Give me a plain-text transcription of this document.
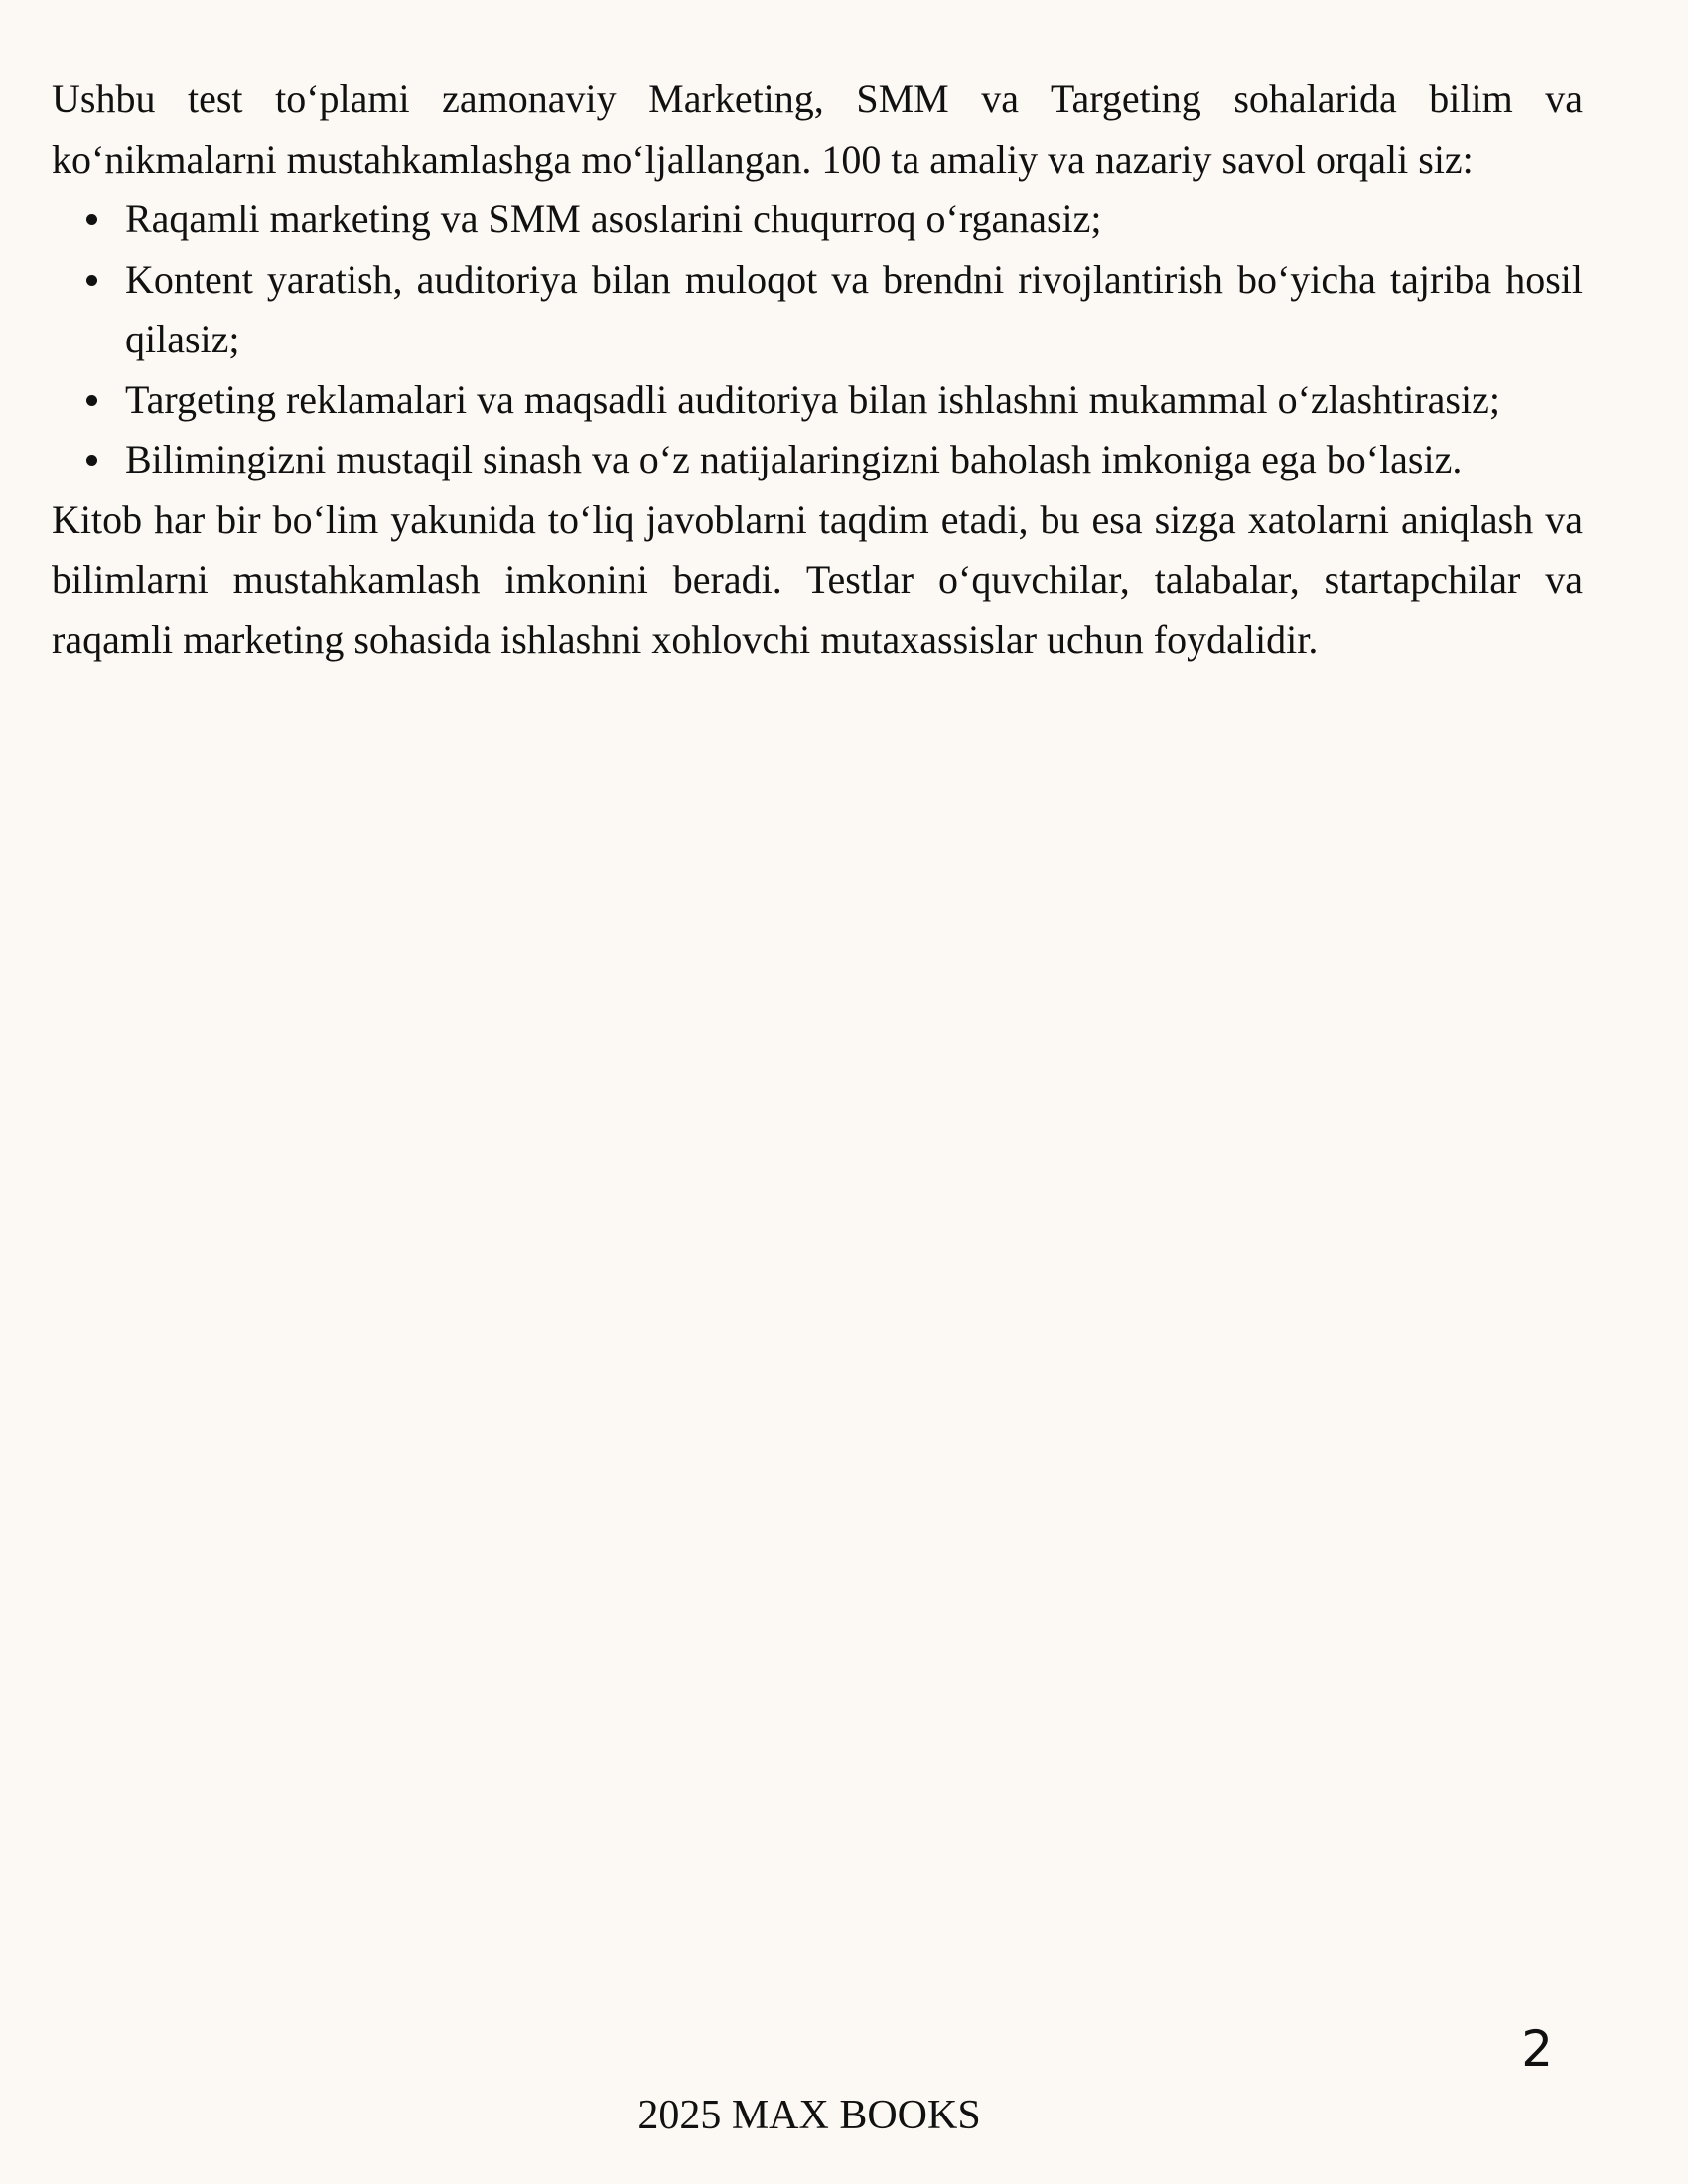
Ushbu test to‘plami zamonaviy Marketing, SMM va Targeting sohalarida bilim va ko‘nikmalarni mustahkamlashga mo‘ljallangan. 100 ta amaliy va nazariy savol orqali siz:

Raqamli marketing va SMM asoslarini chuqurroq o‘rganasiz;
Kontent yaratish, auditoriya bilan muloqot va brendni rivojlantirish bo‘yicha tajriba hosil qilasiz;
Targeting reklamalari va maqsadli auditoriya bilan ishlashni mukammal o‘zlashtirasiz;
Bilimingizni mustaqil sinash va o‘z natijalaringizni baholash imkoniga ega bo‘lasiz.

Kitob har bir bo‘lim yakunida to‘liq javoblarni taqdim etadi, bu esa sizga xatolarni aniqlash va bilimlarni mustahkamlash imkonini beradi. Testlar o‘quvchilar, talabalar, startapchilar va raqamli marketing sohasida ishlashni xohlovchi mutaxassislar uchun foydalidir.

2
2025 MAX BOOKS
